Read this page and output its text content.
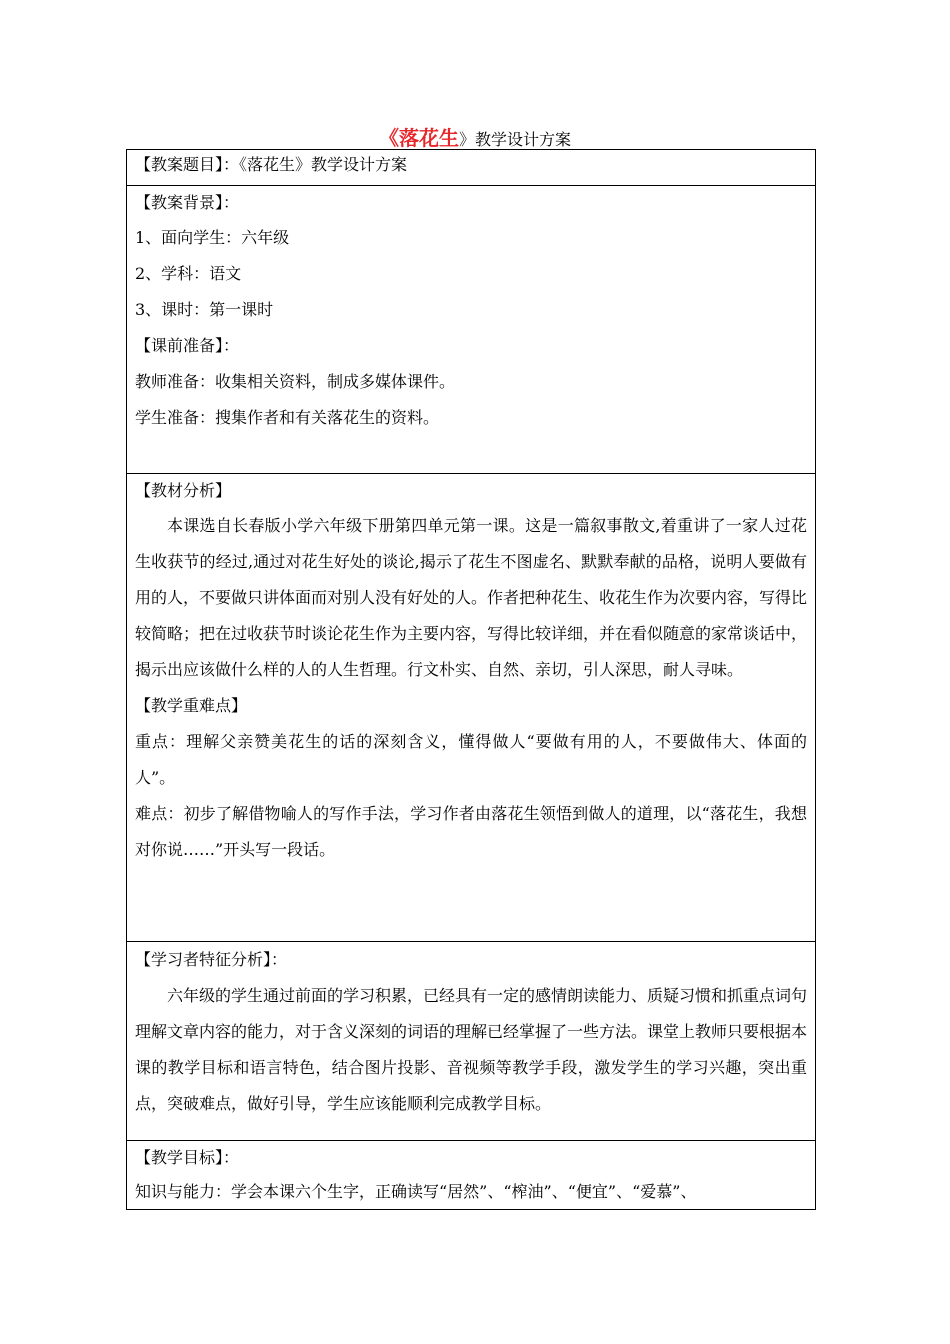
《落花生》教学设计方案
【教案题目】：《落花生》教学设计方案

【教案背景】：
1、面向学生：六年级
2、学科：语文
3、课时：第一课时
【课前准备】：
教师准备：收集相关资料，制成多媒体课件。
学生准备：搜集作者和有关落花生的资料。

【教材分析】

本课选自长春版小学六年级下册第四单元第一课。这是一篇叙事散文,着重讲了一家人过花生收获节的经过,通过对花生好处的谈论,揭示了花生不图虚名、默默奉献的品格，说明人要做有用的人，不要做只讲体面而对别人没有好处的人。作者把种花生、收花生作为次要内容，写得比较简略；把在过收获节时谈论花生作为主要内容，写得比较详细，并在看似随意的家常谈话中，揭示出应该做什么样的人的人生哲理。行文朴实、自然、亲切，引人深思，耐人寻味。

【教学重难点】

重点：理解父亲赞美花生的话的深刻含义，懂得做人“要做有用的人，不要做伟大、体面的人”。

难点：初步了解借物喻人的写作手法，学习作者由落花生领悟到做人的道理，以“落花生，我想对你说……”开头写一段话。

【学习者特征分析】：

六年级的学生通过前面的学习积累，已经具有一定的感情朗读能力、质疑习惯和抓重点词句理解文章内容的能力，对于含义深刻的词语的理解已经掌握了一些方法。课堂上教师只要根据本课的教学目标和语言特色，结合图片投影、音视频等教学手段，激发学生的学习兴趣，突出重点，突破难点，做好引导，学生应该能顺利完成教学目标。

【教学目标】：
知识与能力：学会本课六个生字，正确读写“居然”、“榨油”、“便宜”、“爱慕”、
